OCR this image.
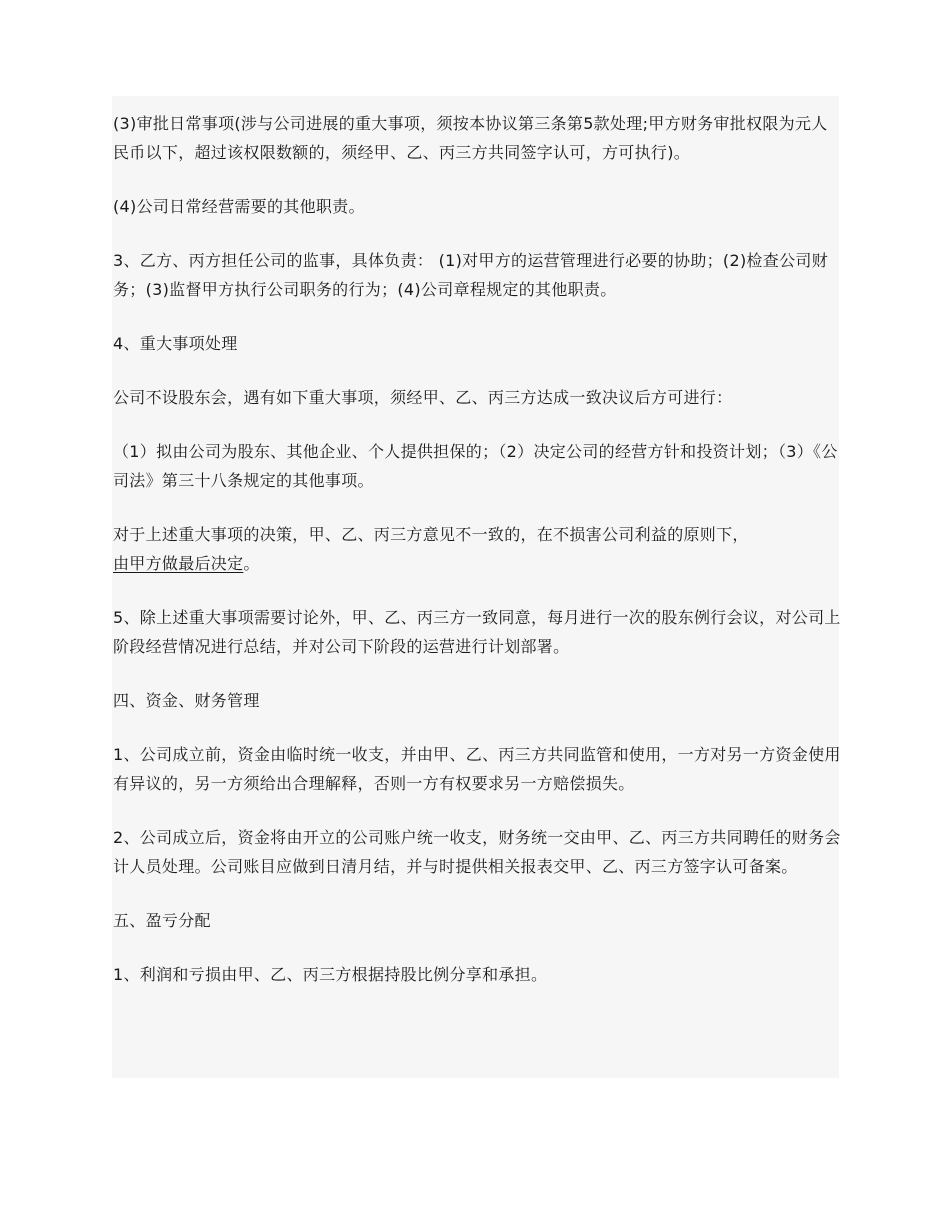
(3)审批日常事项(涉与公司进展的重大事项，须按本协议第三条第5款处理;甲方财务审批权限为元人民币以下，超过该权限数额的，须经甲、乙、丙三方共同签字认可，方可执行)。

(4)公司日常经营需要的其他职责。

3、乙方、丙方担任公司的监事，具体负责： (1)对甲方的运营管理进行必要的协助；(2)检查公司财务；(3)监督甲方执行公司职务的行为；(4)公司章程规定的其他职责。

4、重大事项处理

公司不设股东会，遇有如下重大事项，须经甲、乙、丙三方达成一致决议后方可进行：

（1）拟由公司为股东、其他企业、个人提供担保的；（2）决定公司的经营方针和投资计划；（3）《公司法》第三十八条规定的其他事项。

对于上述重大事项的决策，甲、乙、丙三方意见不一致的，在不损害公司利益的原则下，
由甲方做最后决定。

5、除上述重大事项需要讨论外，甲、乙、丙三方一致同意，每月进行一次的股东例行会议，对公司上阶段经营情况进行总结，并对公司下阶段的运营进行计划部署。

四、资金、财务管理

1、公司成立前，资金由临时统一收支，并由甲、乙、丙三方共同监管和使用，一方对另一方资金使用有异议的，另一方须给出合理解释，否则一方有权要求另一方赔偿损失。

2、公司成立后，资金将由开立的公司账户统一收支，财务统一交由甲、乙、丙三方共同聘任的财务会计人员处理。公司账目应做到日清月结，并与时提供相关报表交甲、乙、丙三方签字认可备案。

五、盈亏分配

1、利润和亏损由甲、乙、丙三方根据持股比例分享和承担。
